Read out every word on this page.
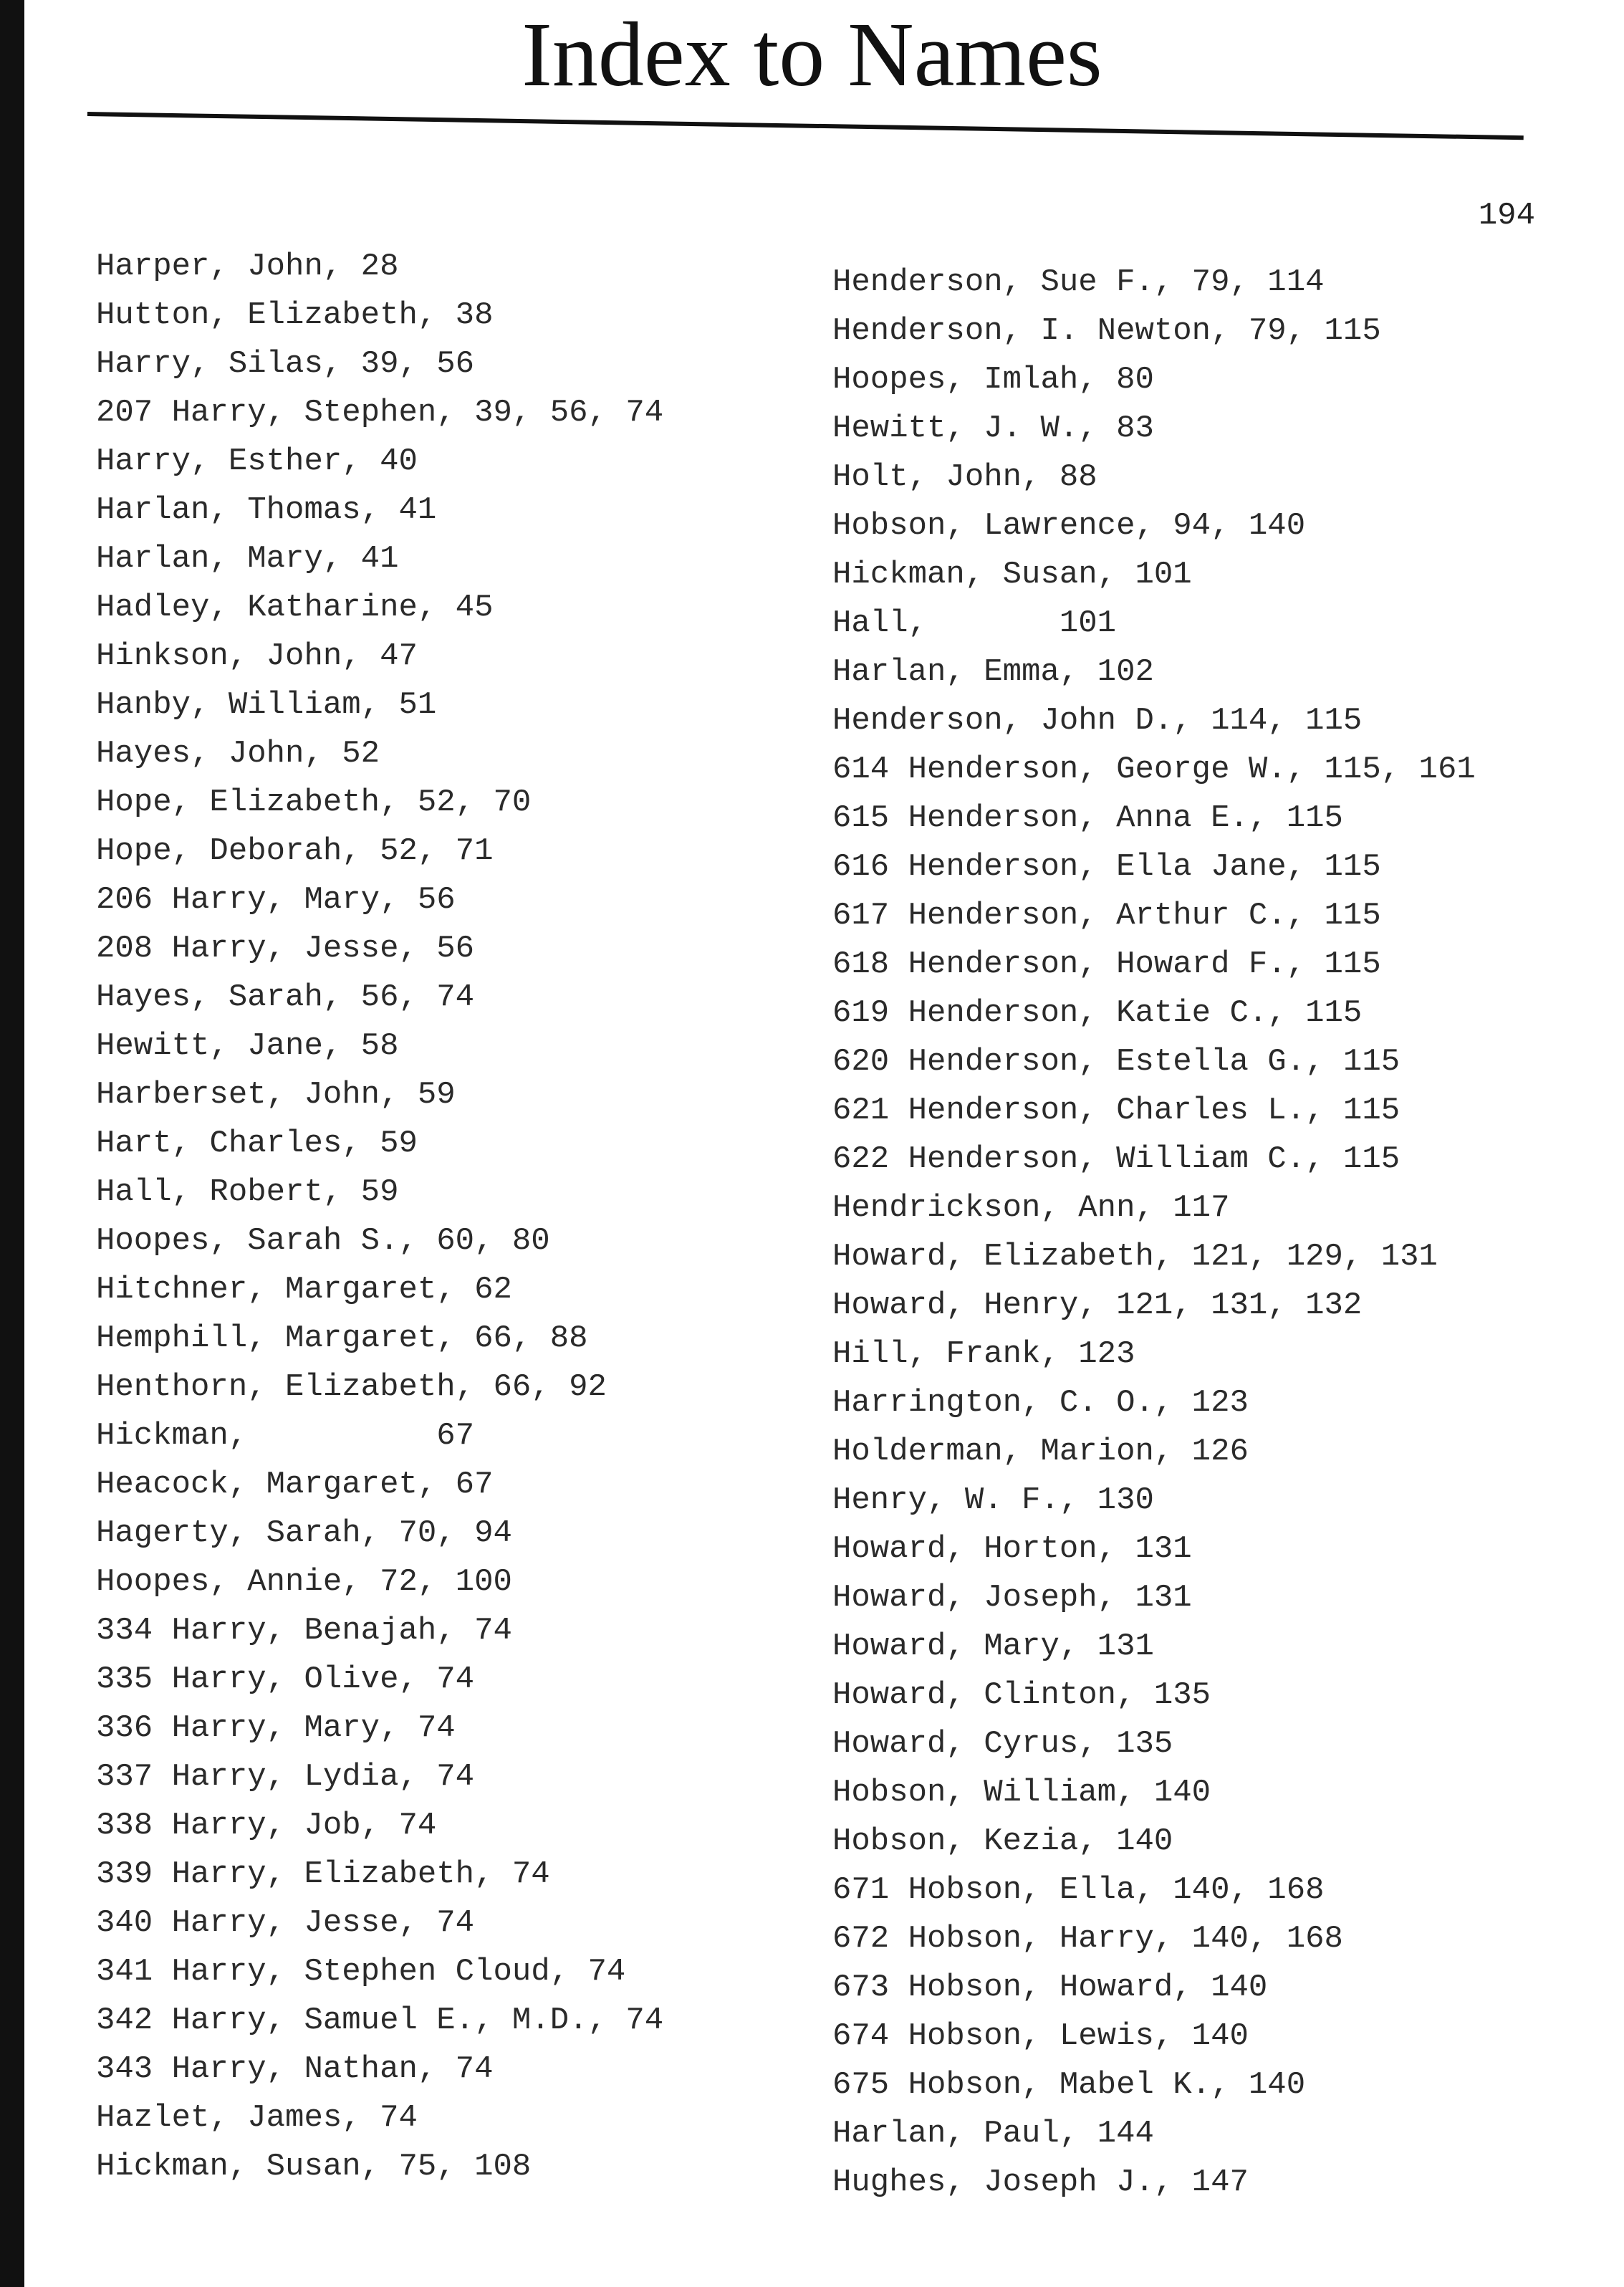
Index to Names
194
Harper, John, 28
Hutton, Elizabeth, 38
Harry, Silas, 39, 56
207 Harry, Stephen, 39, 56, 74
Harry, Esther, 40
Harlan, Thomas, 41
Harlan, Mary, 41
Hadley, Katharine, 45
Hinkson, John, 47
Hanby, William, 51
Hayes, John, 52
Hope, Elizabeth, 52, 70
Hope, Deborah, 52, 71
206 Harry, Mary, 56
208 Harry, Jesse, 56
Hayes, Sarah, 56, 74
Hewitt, Jane, 58
Harberset, John, 59
Hart, Charles, 59
Hall, Robert, 59
Hoopes, Sarah S., 60, 80
Hitchner, Margaret, 62
Hemphill, Margaret, 66, 88
Henthorn, Elizabeth, 66, 92
Hickman,          67
Heacock, Margaret, 67
Hagerty, Sarah, 70, 94
Hoopes, Annie, 72, 100
334 Harry, Benajah, 74
335 Harry, Olive, 74
336 Harry, Mary, 74
337 Harry, Lydia, 74
338 Harry, Job, 74
339 Harry, Elizabeth, 74
340 Harry, Jesse, 74
341 Harry, Stephen Cloud, 74
342 Harry, Samuel E., M.D., 74
343 Harry, Nathan, 74
Hazlet, James, 74
Hickman, Susan, 75, 108
Henderson, Sue F., 79, 114
Henderson, I. Newton, 79, 115
Hoopes, Imlah, 80
Hewitt, J. W., 83
Holt, John, 88
Hobson, Lawrence, 94, 140
Hickman, Susan, 101
Hall,       101
Harlan, Emma, 102
Henderson, John D., 114, 115
614 Henderson, George W., 115, 161
615 Henderson, Anna E., 115
616 Henderson, Ella Jane, 115
617 Henderson, Arthur C., 115
618 Henderson, Howard F., 115
619 Henderson, Katie C., 115
620 Henderson, Estella G., 115
621 Henderson, Charles L., 115
622 Henderson, William C., 115
Hendrickson, Ann, 117
Howard, Elizabeth, 121, 129, 131
Howard, Henry, 121, 131, 132
Hill, Frank, 123
Harrington, C. O., 123
Holderman, Marion, 126
Henry, W. F., 130
Howard, Horton, 131
Howard, Joseph, 131
Howard, Mary, 131
Howard, Clinton, 135
Howard, Cyrus, 135
Hobson, William, 140
Hobson, Kezia, 140
671 Hobson, Ella, 140, 168
672 Hobson, Harry, 140, 168
673 Hobson, Howard, 140
674 Hobson, Lewis, 140
675 Hobson, Mabel K., 140
Harlan, Paul, 144
Hughes, Joseph J., 147
